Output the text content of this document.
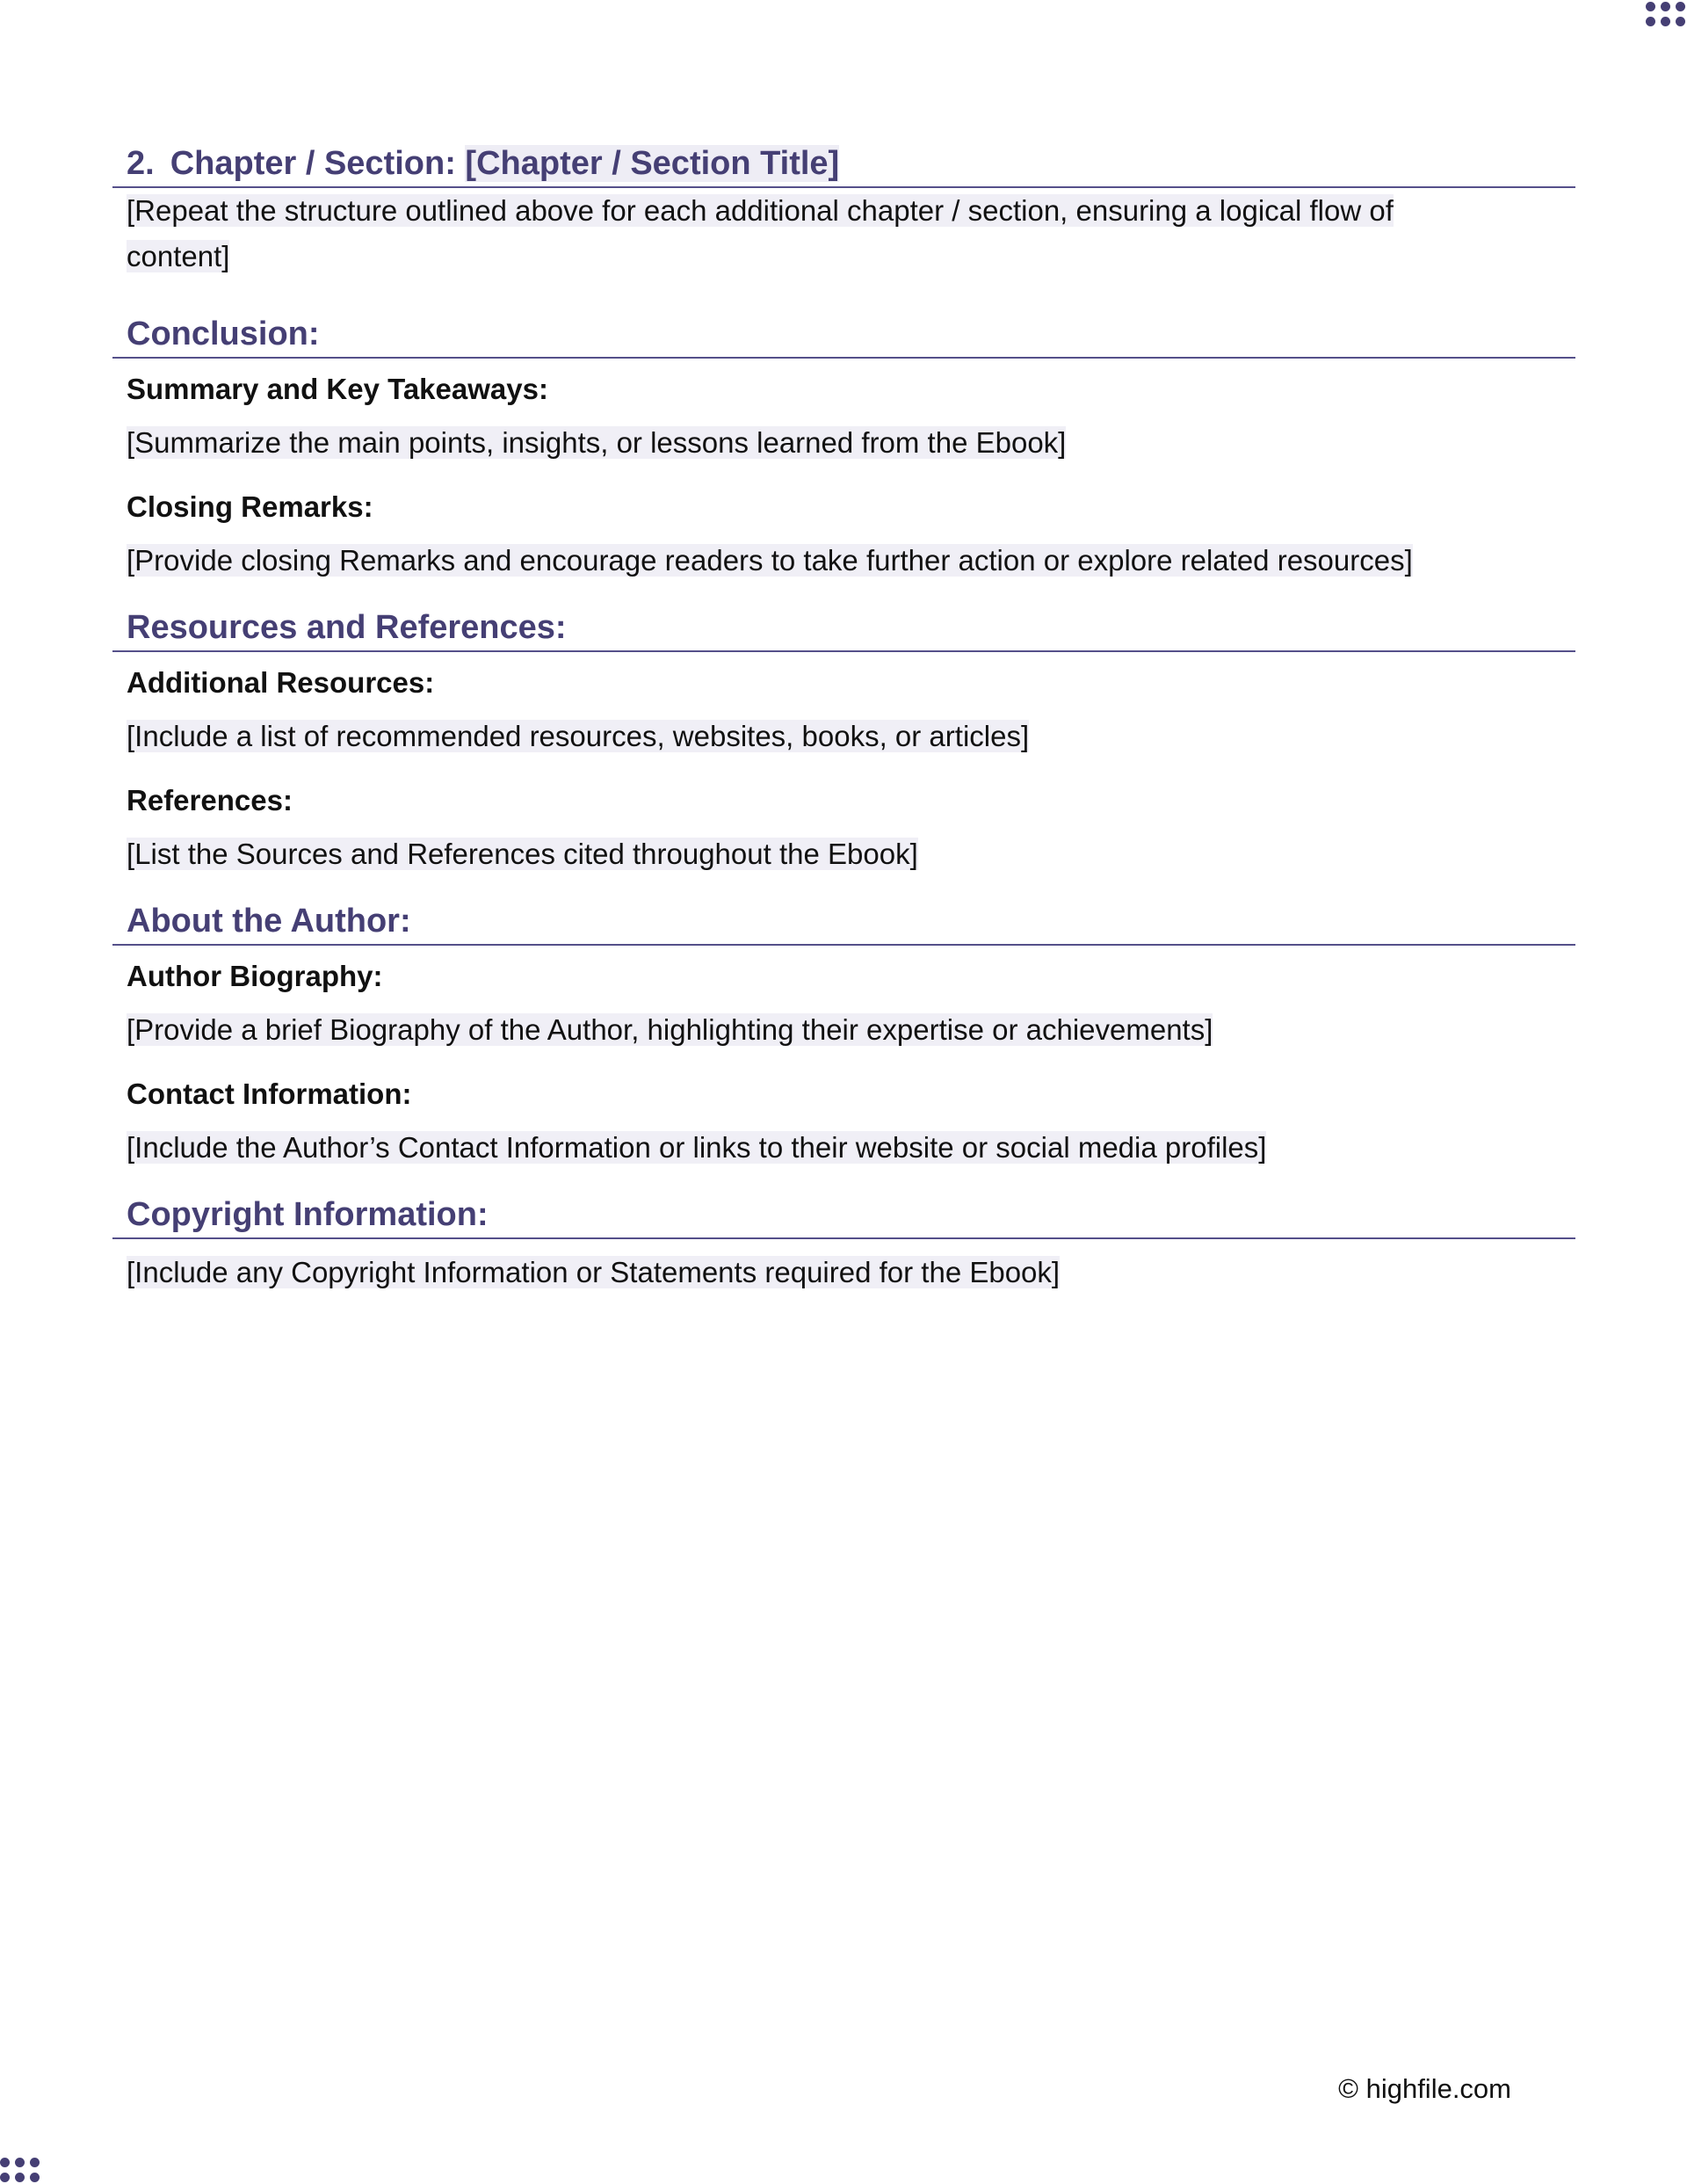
2. Chapter / Section: [Chapter / Section Title]

[Repeat the structure outlined above for each additional chapter / section, ensuring a logical flow of
content]

Conclusion:

Summary and Key Takeaways:

[Summarize the main points, insights, or lessons learned from the Ebook]

Closing Remarks:

[Provide closing Remarks and encourage readers to take further action or explore related resources]

Resources and References:

Additional Resources:

[Include a list of recommended resources, websites, books, or articles]

References:

[List the Sources and References cited throughout the Ebook]

About the Author:

Author Biography:

[Provide a brief Biography of the Author, highlighting their expertise or achievements]

Contact Information:

[Include the Author’s Contact Information or links to their website or social media profiles]

Copyright Information:

[Include any Copyright Information or Statements required for the Ebook]

© highfile.com
